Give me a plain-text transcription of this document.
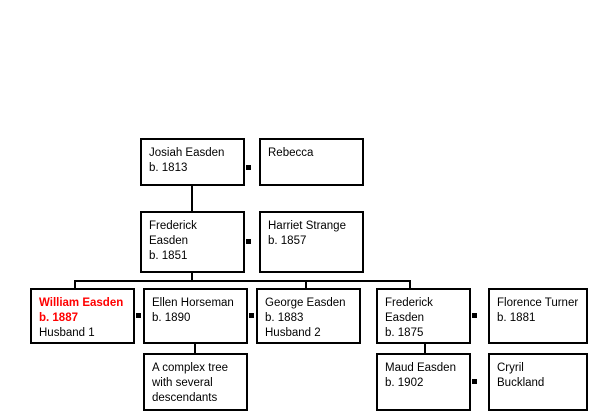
Josiah Easden
b. 1813
Rebecca
Frederick
Easden
b. 1851
Harriet Strange
b. 1857
William Easden
b. 1887
Husband 1
Ellen Horseman
b. 1890
George Easden
b. 1883
Husband 2
Frederick
Easden
b. 1875
Florence Turner
b. 1881
A complex tree
with several
descendants
Maud Easden
b. 1902
Cryril
Buckland
